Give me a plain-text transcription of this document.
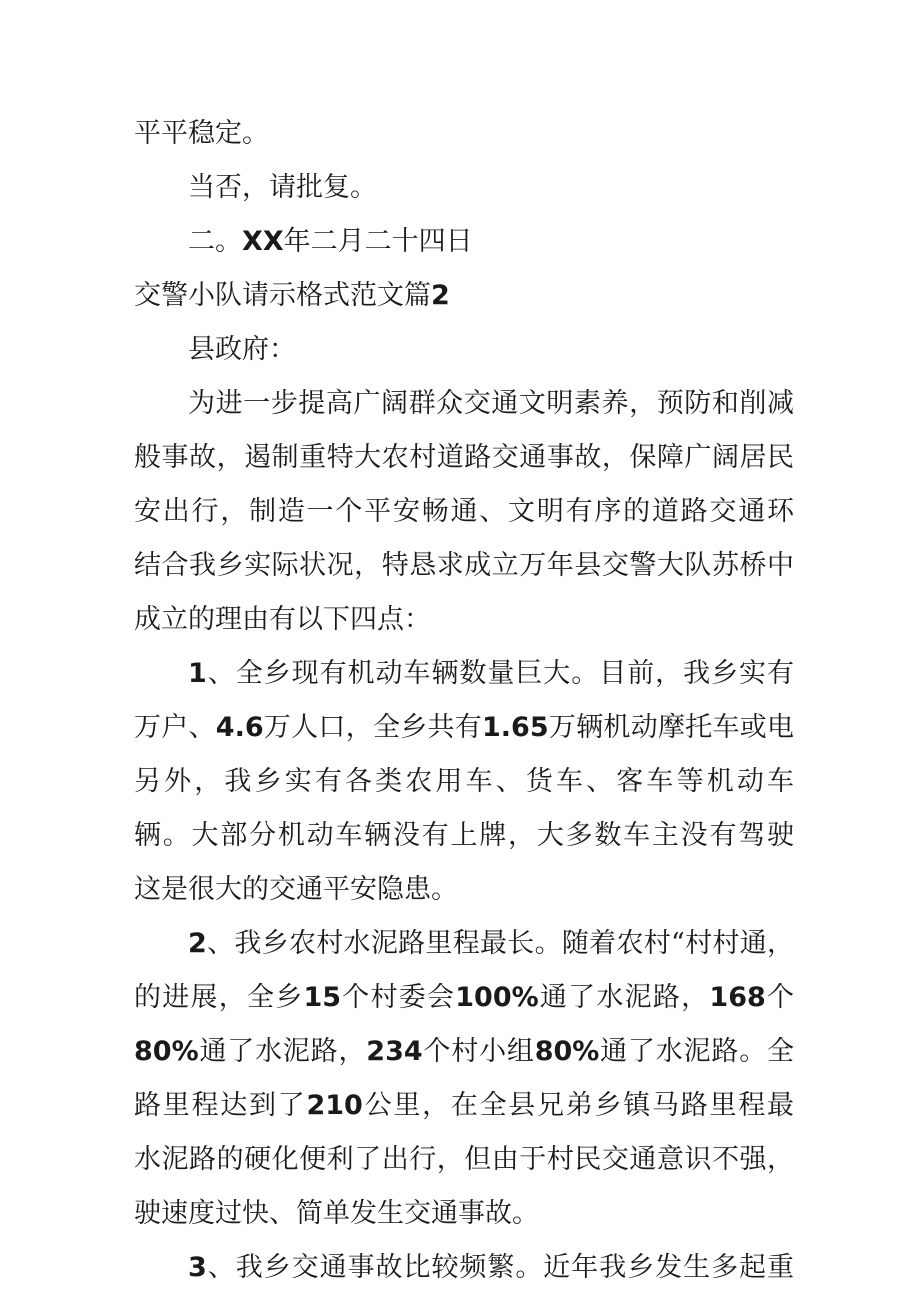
平平稳定。
当否，请批复。
二。XX年二月二十四日
交警小队请示格式范文篇2
县政府：
为进一步提高广阔群众交通文明素养，预防和削减
般事故，遏制重特大农村道路交通事故，保障广阔居民
安出行，制造一个平安畅通、文明有序的道路交通环
结合我乡实际状况，特恳求成立万年县交警大队苏桥中
成立的理由有以下四点：
1、全乡现有机动车辆数量巨大。目前，我乡实有
万户、4.6万人口，全乡共有1.65万辆机动摩托车或电
另外，我乡实有各类农用车、货车、客车等机动车
辆。大部分机动车辆没有上牌，大多数车主没有驾驶
这是很大的交通平安隐患。
2、我乡农村水泥路里程最长。随着农村“村村通，
的进展，全乡15个村委会100%通了水泥路，168个
80%通了水泥路，234个村小组80%通了水泥路。全
路里程达到了210公里，在全县兄弟乡镇马路里程最
水泥路的硬化便利了出行，但由于村民交通意识不强，
驶速度过快、简单发生交通事故。
3、我乡交通事故比较频繁。近年我乡发生多起重
